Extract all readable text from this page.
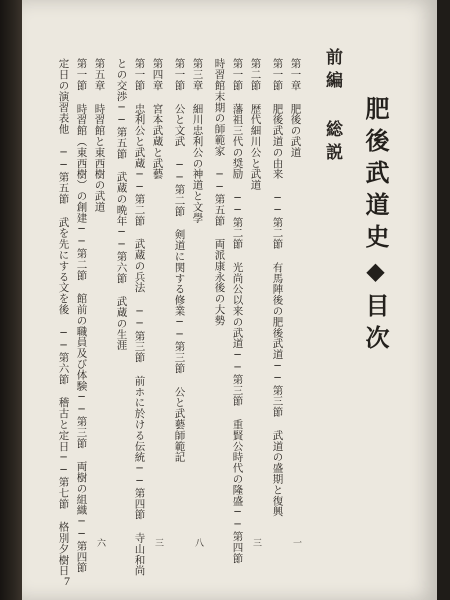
肥後武道史◆目次
前編 総説
第一章 肥後の武道
第一節 肥後武道の由来 ──第二節 有馬陣後の肥後武道──第三節 武道の盛期と復興
第二節 歴代細川公と武道
第一節 藩祖三代の奨励 ──第二節 光尚公以来の武道──第三節 重賢公時代の隆盛──第四節
時習館末期の師範家 ──第五節 両派康永後の大勢
第三章 細川忠利公の神道と文學
第一節 公と文武 ──第二節 剣道に関する修業──第三節 公と武藝師範記
第四章 宮本武蔵と武藝
第一節 忠利公と武蔵──第二節 武蔵の兵法 ──第三節 前ホに於ける伝統──第四節 寺山和尚
との交渉──第五節 武蔵の晩年──第六節 武蔵の生涯
第五章 時習館と東西樹の武道
第一節 時習館（東西樹）の創建──第二節 館前の職員及び体験──第三節 両樹の組織──第四節
定日の演習表他 ──第五節 武を先にする文を後 ──第六節 稽古と定日──第七節 格別夕樹日	一
三
八
三
六
7
